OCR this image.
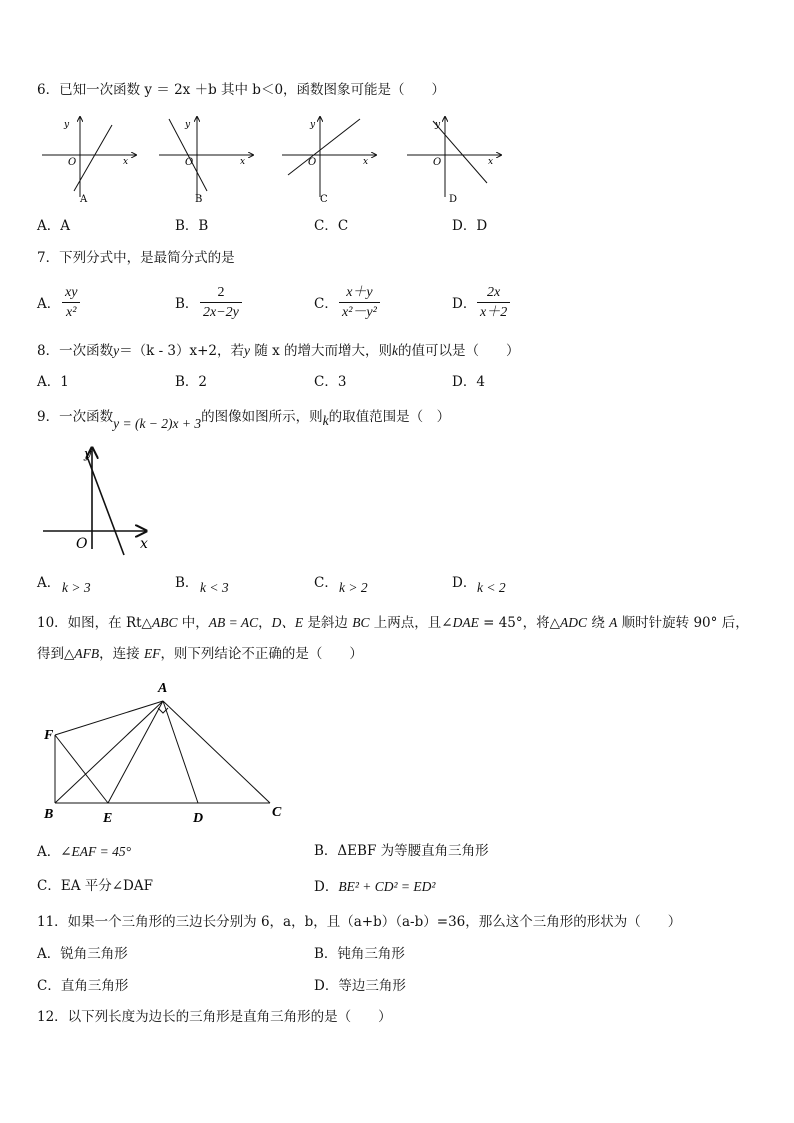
6．已知一次函数 y ＝ 2x ＋b 其中 b＜0，函数图象可能是（　　）
y
x
O
A
y
x
O
B
y
x
O
C
y
x
O
D
A．A	B．B	C．C	D．D
7．下列分式中，是最简分式的是
A． $\frac{xy}{\text{x²}}$	B． $\frac{2}{2x-2y}$	C． $\frac{x+y}{\text{x²－y²}}$	D． $\frac{2x}{x+2}$
8．一次函数y＝（k - 3）x+2，若y 随 x 的增大而增大，则k的值可以是（　　）
A．1	B．2	C．3	D．4
9．一次函数y = (k − 2)x + 3的图像如图所示，则k的取值范围是（　）
y
x
O
A． k > 3	B． k < 3	C． k > 2	D． k < 2
10．如图，在 Rt△ABC 中，AB = AC，D、E 是斜边 BC 上两点，且∠DAE = 45°，将△ADC 绕 A 顺时针旋转 90° 后，
得到△AFB，连接 EF，则下列结论不正确的是（　　）
A
F
B	E	D	C
A．∠EAF = 45°	B．ΔEBF 为等腰直角三角形
C．EA 平分∠DAF	D．BE² + CD² = ED²
11．如果一个三角形的三边长分别为 6，a，b，且（a+b）（a-b）=36，那么这个三角形的形状为（　　）
A．锐角三角形	B．钝角三角形
C．直角三角形	D．等边三角形
12．以下列长度为边长的三角形是直角三角形的是（　　）
